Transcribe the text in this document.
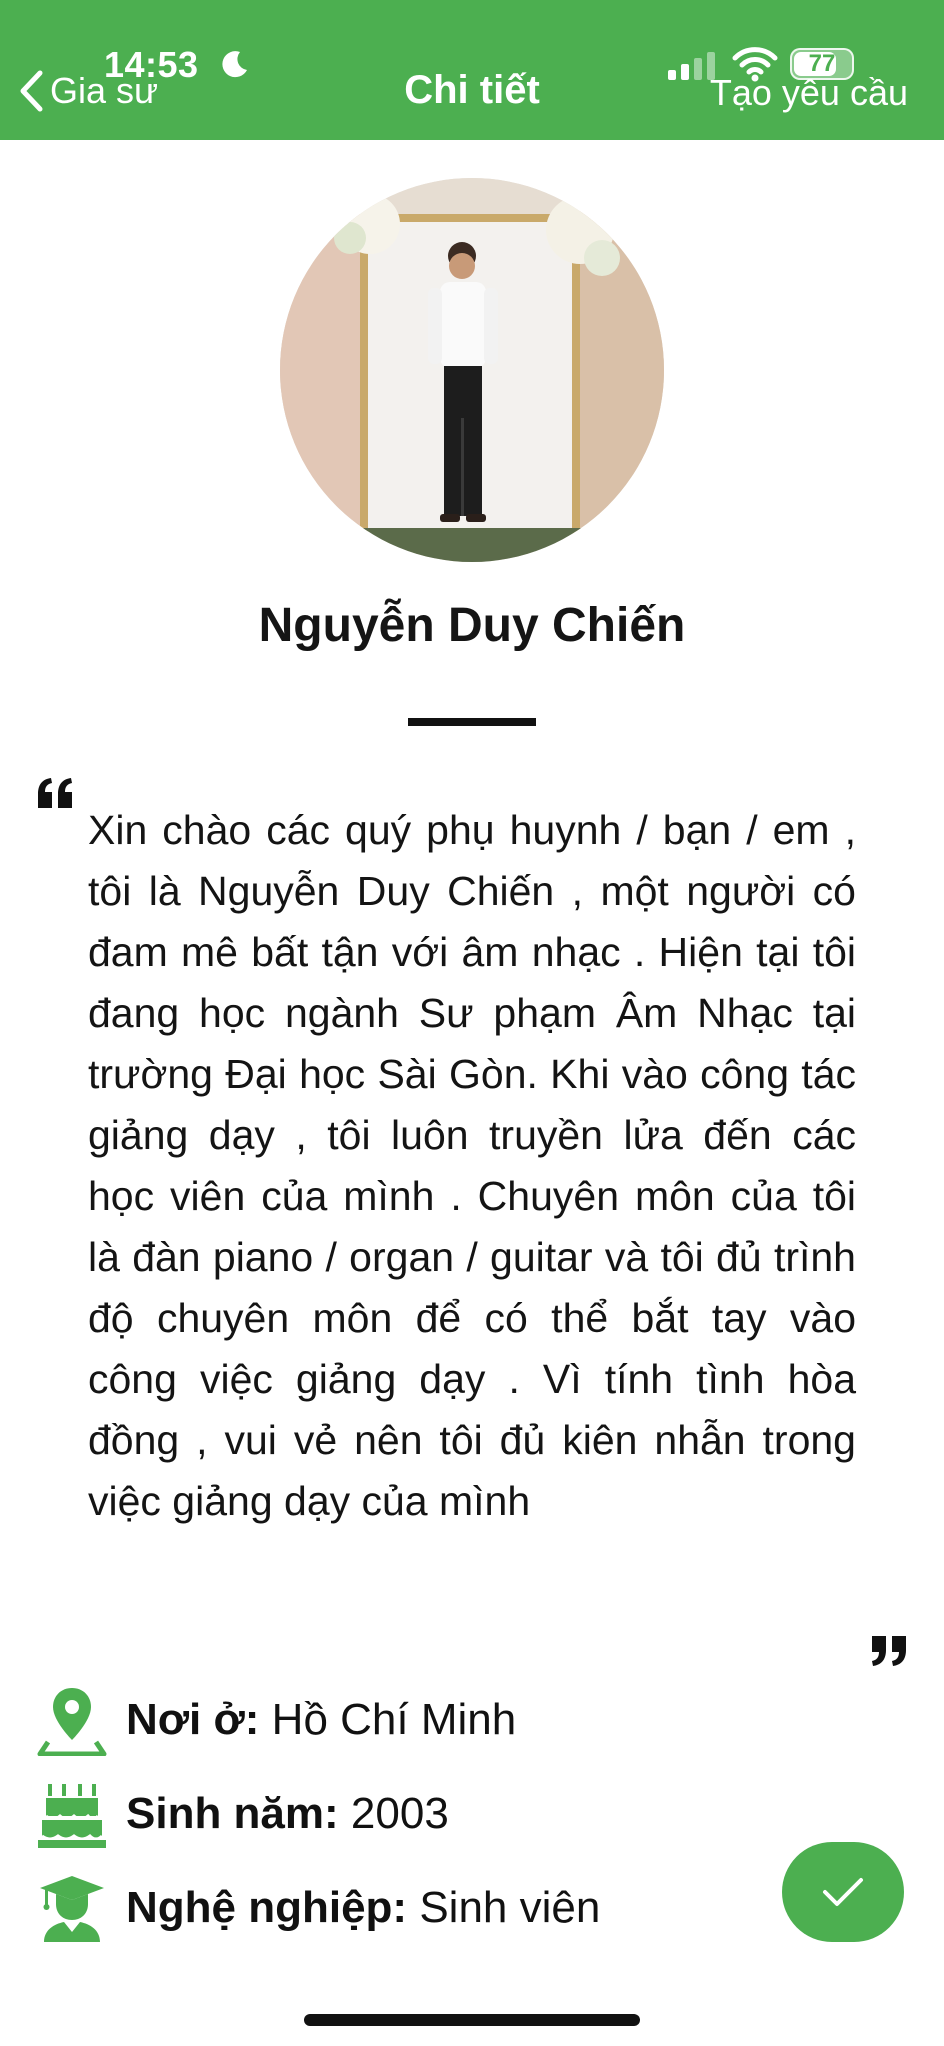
14:53	77
Gia sư	Chi tiết	Tạo yêu cầu
Nguyễn Duy Chiến

Xin chào các quý phụ huynh / bạn / em , tôi là Nguyễn Duy Chiến , một người có đam mê bất tận với âm nhạc . Hiện tại tôi đang học ngành Sư phạm Âm Nhạc tại trường Đại học Sài Gòn. Khi vào công tác giảng dạy , tôi luôn truyền lửa đến các học viên của mình . Chuyên môn của tôi là đàn piano / organ / guitar và tôi đủ trình độ chuyên môn để có thể bắt tay vào công việc giảng dạy . Vì tính tình hòa đồng , vui vẻ nên tôi đủ kiên nhẫn trong việc giảng dạy của mình

Nơi ở: Hồ Chí Minh
Sinh năm: 2003
Nghệ nghiệp: Sinh viên
